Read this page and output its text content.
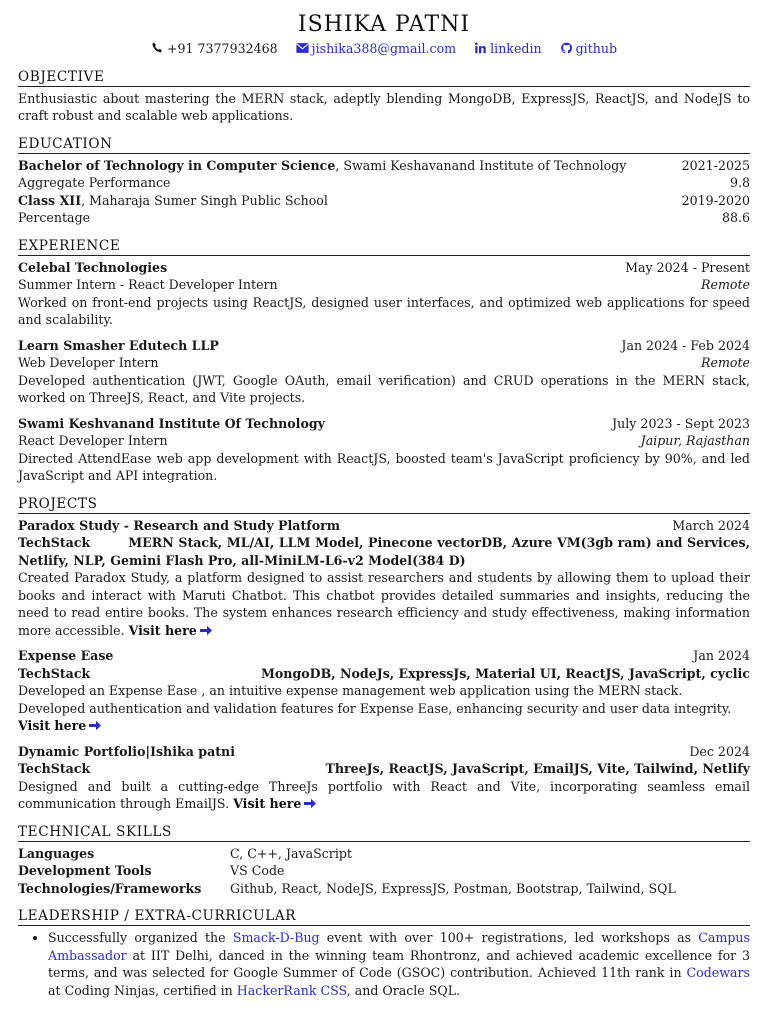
ISHIKA PATNI
+91 7377932468	jishika388@gmail.com	linkedin	github
OBJECTIVE

Enthusiastic about mastering the MERN stack, adeptly blending MongoDB, ExpressJS, ReactJS, and NodeJS to craft robust and scalable web applications.

EDUCATION
Bachelor of Technology in Computer Science, Swami Keshavanand Institute of Technology	2021-2025
Aggregate Performance	9.8
Class XII, Maharaja Sumer Singh Public School	2019-2020
Percentage	88.6
EXPERIENCE
Celebal Technologies	May 2024 - Present
Summer Intern - React Developer Intern	Remote

Worked on front-end projects using ReactJS, designed user interfaces, and optimized web applications for speed and scalability.

Learn Smasher Edutech LLP	Jan 2024 - Feb 2024
Web Developer Intern	Remote

Developed authentication (JWT, Google OAuth, email verification) and CRUD operations in the MERN stack, worked on ThreeJS, React, and Vite projects.

Swami Keshvanand Institute Of Technology	July 2023 - Sept 2023
React Developer Intern	Jaipur, Rajasthan

Directed AttendEase web app development with ReactJS, boosted team's JavaScript proficiency by 90%, and led JavaScript and API integration.

PROJECTS
Paradox Study - Research and Study Platform	March 2024
TechStack	MERN Stack, ML/AI, LLM Model, Pinecone vectorDB, Azure VM(3gb ram) and Services, Netlify, NLP, Gemini Flash Pro, all-MiniLM-L6-v2 Model(384 D)

Created Paradox Study, a platform designed to assist researchers and students by allowing them to upload their books and interact with Maruti Chatbot. This chatbot provides detailed summaries and insights, reducing the need to read entire books. The system enhances research efficiency and study effectiveness, making information more accessible. Visit here

Expense Ease	Jan 2024
TechStack	MongoDB, NodeJs, ExpressJs, Material UI, ReactJS, JavaScript, cyclic

Developed an Expense Ease , an intuitive expense management web application using the MERN stack.

Developed authentication and validation features for Expense Ease, enhancing security and user data integrity.

Visit here

Dynamic Portfolio|Ishika patni	Dec 2024
TechStack	ThreeJs, ReactJS, JavaScript, EmailJS, Vite, Tailwind, Netlify

Designed and built a cutting-edge ThreeJs portfolio with React and Vite, incorporating seamless email communication through EmailJS. Visit here

TECHNICAL SKILLS
Languages	C, C++, JavaScript
Development Tools	VS Code
Technologies/Frameworks	Github, React, NodeJS, ExpressJS, Postman, Bootstrap, Tailwind, SQL
LEADERSHIP / EXTRA-CURRICULAR
• Successfully organized the Smack-D-Bug event with over 100+ registrations, led workshops as Campus Ambassador at IIT Delhi, danced in the winning team Rhontronz, and achieved academic excellence for 3 terms, and was selected for Google Summer of Code (GSOC) contribution. Achieved 11th rank in Codewars at Coding Ninjas, certified in HackerRank CSS, and Oracle SQL.
